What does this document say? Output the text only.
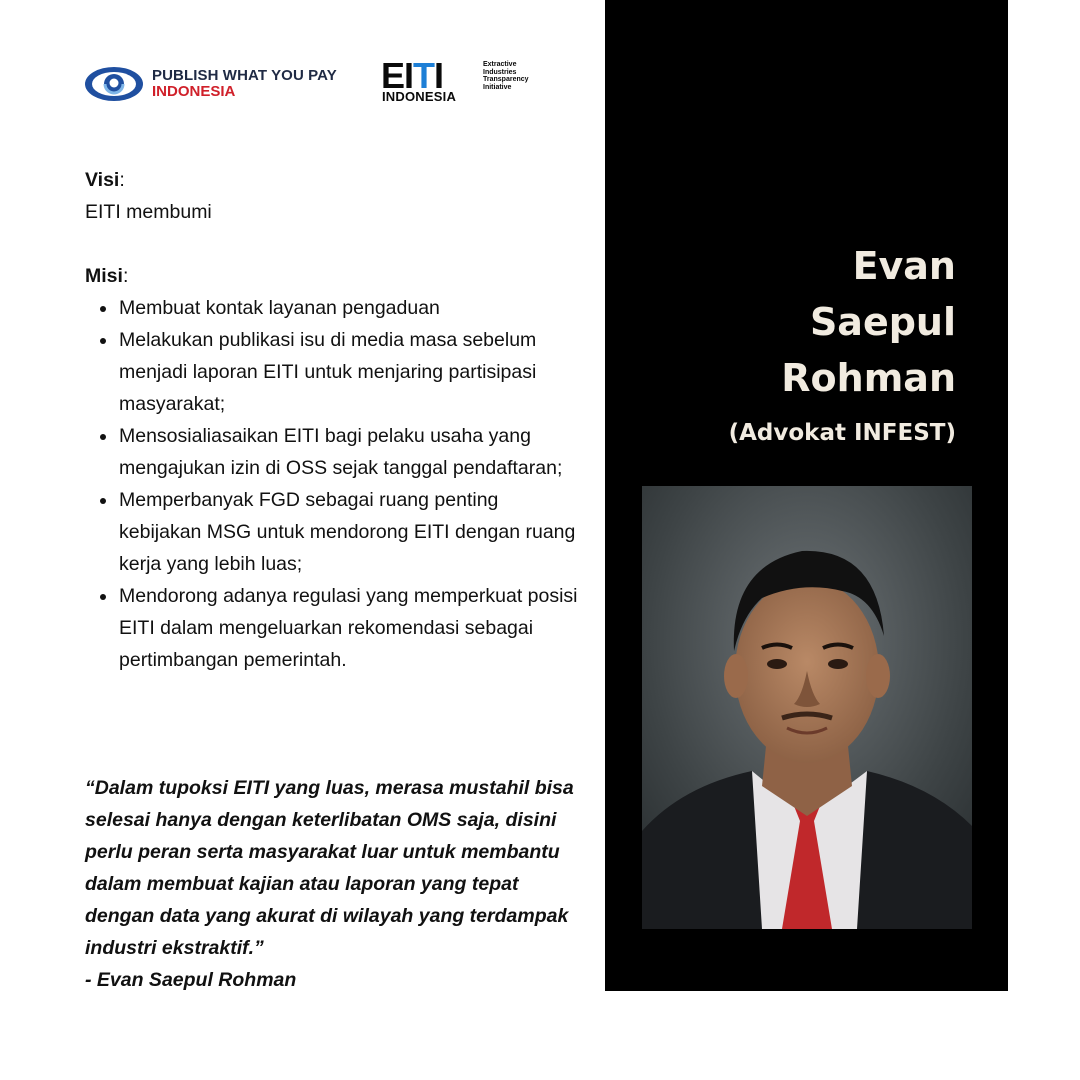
PUBLISH WHAT YOU PAY
INDONESIA	EITI
INDONESIA
Extractive
Industries
Transparency
Initiative

Visi:

EITI membumi

Misi:

Membuat kontak layanan pengaduan
Melakukan publikasi isu di media masa sebelum menjadi laporan EITI untuk menjaring partisipasi masyarakat;
Mensosialiasaikan EITI bagi pelaku usaha yang mengajukan izin di OSS sejak tanggal pendaftaran;
Memperbanyak FGD sebagai ruang penting kebijakan MSG untuk mendorong EITI dengan ruang kerja yang lebih luas;
Mendorong adanya regulasi yang memperkuat posisi EITI dalam mengeluarkan rekomendasi sebagai pertimbangan pemerintah.

“Dalam tupoksi EITI yang luas, merasa mustahil bisa selesai hanya dengan keterlibatan OMS saja, disini perlu peran serta masyarakat luar untuk membantu dalam membuat kajian atau laporan yang tepat dengan data yang akurat di wilayah yang terdampak industri ekstraktif.”

- Evan Saepul Rohman

Evan
Saepul
Rohman
(Advokat INFEST)
